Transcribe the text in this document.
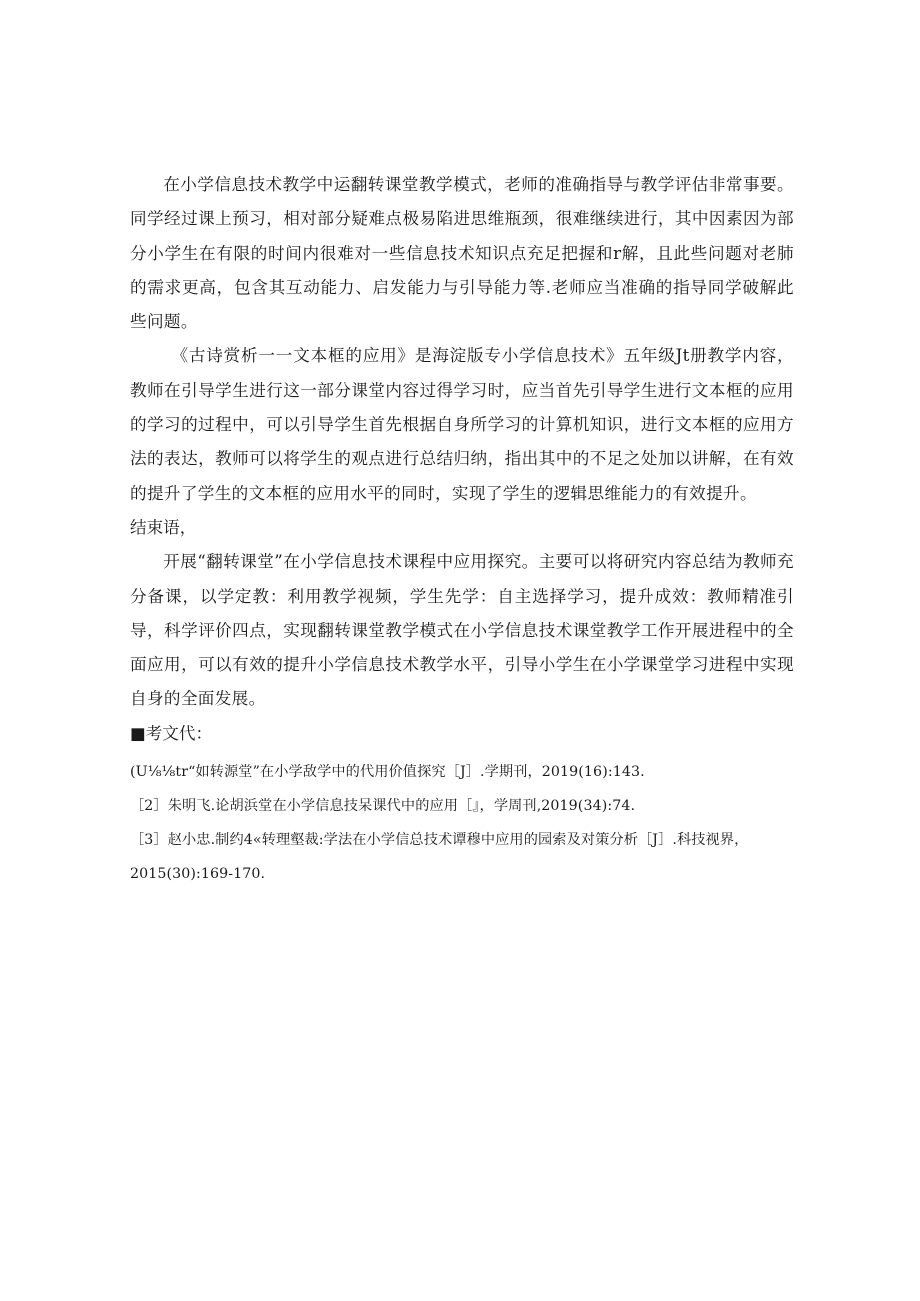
在小学信息技术教学中运翻转课堂教学模式，老师的准确指导与教学评估非常事要。同学经过课上预习，相对部分疑难点极易陷进思维瓶颈，很难继续进行，其中因素因为部分小学生在有限的时间内很难对一些信息技术知识点充足把握和r解，且此些问题对老肺的需求更高，包含其互动能力、启发能力与引导能力等.老师应当准确的指导同学破解此些问题。

《古诗赏析一一文本框的应用》是海淀版专小学信息技术》五年级Jt册教学内容，教师在引导学生进行这一部分课堂内容过得学习时，应当首先引导学生进行文本框的应用的学习的过程中，可以引导学生首先根据自身所学习的计算机知识，进行文本框的应用方法的表达，教师可以将学生的观点进行总结归纳，指出其中的不足之处加以讲解，在有效的提升了学生的文本框的应用水平的同时，实现了学生的逻辑思维能力的有效提升。

结束语，

开展“翻转课堂”在小学信息技术课程中应用探究。主要可以将研究内容总结为教师充分备课，以学定教：利用教学视频，学生先学：自主选择学习，提升成效：教师精准引导，科学评价四点，实现翻转课堂教学模式在小学信息技术课堂教学工作开展进程中的全面应用，可以有效的提升小学信息技术教学水平，引导小学生在小学课堂学习进程中实现自身的全面发展。

■考文代：

(U⅛⅛tr“如转源堂”在小学敌学中的代用价值探究［J］.学期刊，2019(16):143.

［2］朱明飞.论胡浜堂在小学信息技呆课代中的应用［』，学周刊,2019(34):74.

［3］赵小忠.制约4«转理壑裁:学法在小学信总技术谭穆中应用的园索及对策分析［J］.科技视界，2015(30):169-170.
